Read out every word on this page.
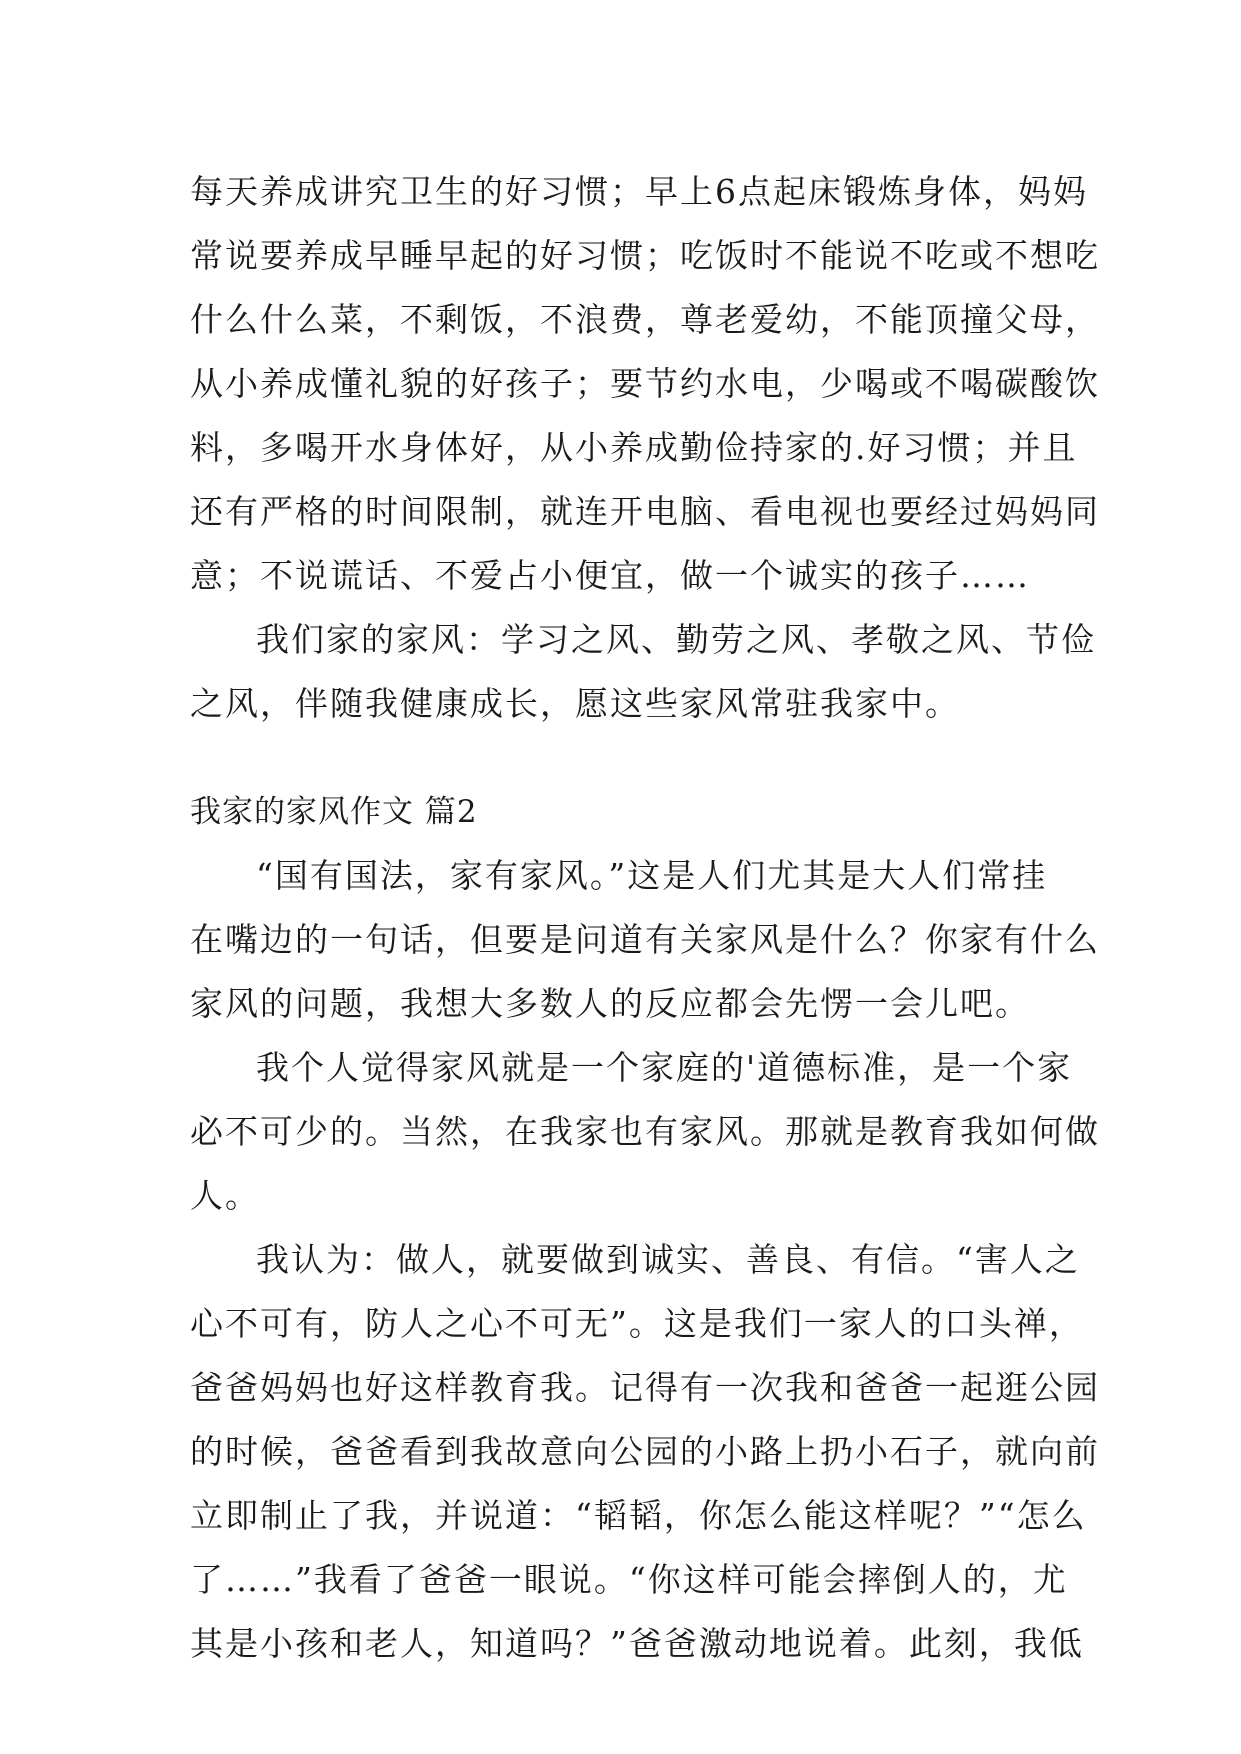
每天养成讲究卫生的好习惯；早上6点起床锻炼身体，妈妈
常说要养成早睡早起的好习惯；吃饭时不能说不吃或不想吃
什么什么菜，不剩饭，不浪费，尊老爱幼，不能顶撞父母，
从小养成懂礼貌的好孩子；要节约水电，少喝或不喝碳酸饮
料，多喝开水身体好，从小养成勤俭持家的.好习惯；并且
还有严格的时间限制，就连开电脑、看电视也要经过妈妈同
意；不说谎话、不爱占小便宜，做一个诚实的孩子……
我们家的家风：学习之风、勤劳之风、孝敬之风、节俭
之风，伴随我健康成长，愿这些家风常驻我家中。
我家的家风作文 篇2
“国有国法，家有家风。”这是人们尤其是大人们常挂
在嘴边的一句话，但要是问道有关家风是什么？你家有什么
家风的问题，我想大多数人的反应都会先愣一会儿吧。
我个人觉得家风就是一个家庭的'道德标准，是一个家
必不可少的。当然，在我家也有家风。那就是教育我如何做
人。
我认为：做人，就要做到诚实、善良、有信。“害人之
心不可有，防人之心不可无”。这是我们一家人的口头禅，
爸爸妈妈也好这样教育我。记得有一次我和爸爸一起逛公园
的时候，爸爸看到我故意向公园的小路上扔小石子，就向前
立即制止了我，并说道：“韬韬，你怎么能这样呢？”“怎么
了……”我看了爸爸一眼说。“你这样可能会摔倒人的，尤
其是小孩和老人，知道吗？”爸爸激动地说着。此刻，我低
